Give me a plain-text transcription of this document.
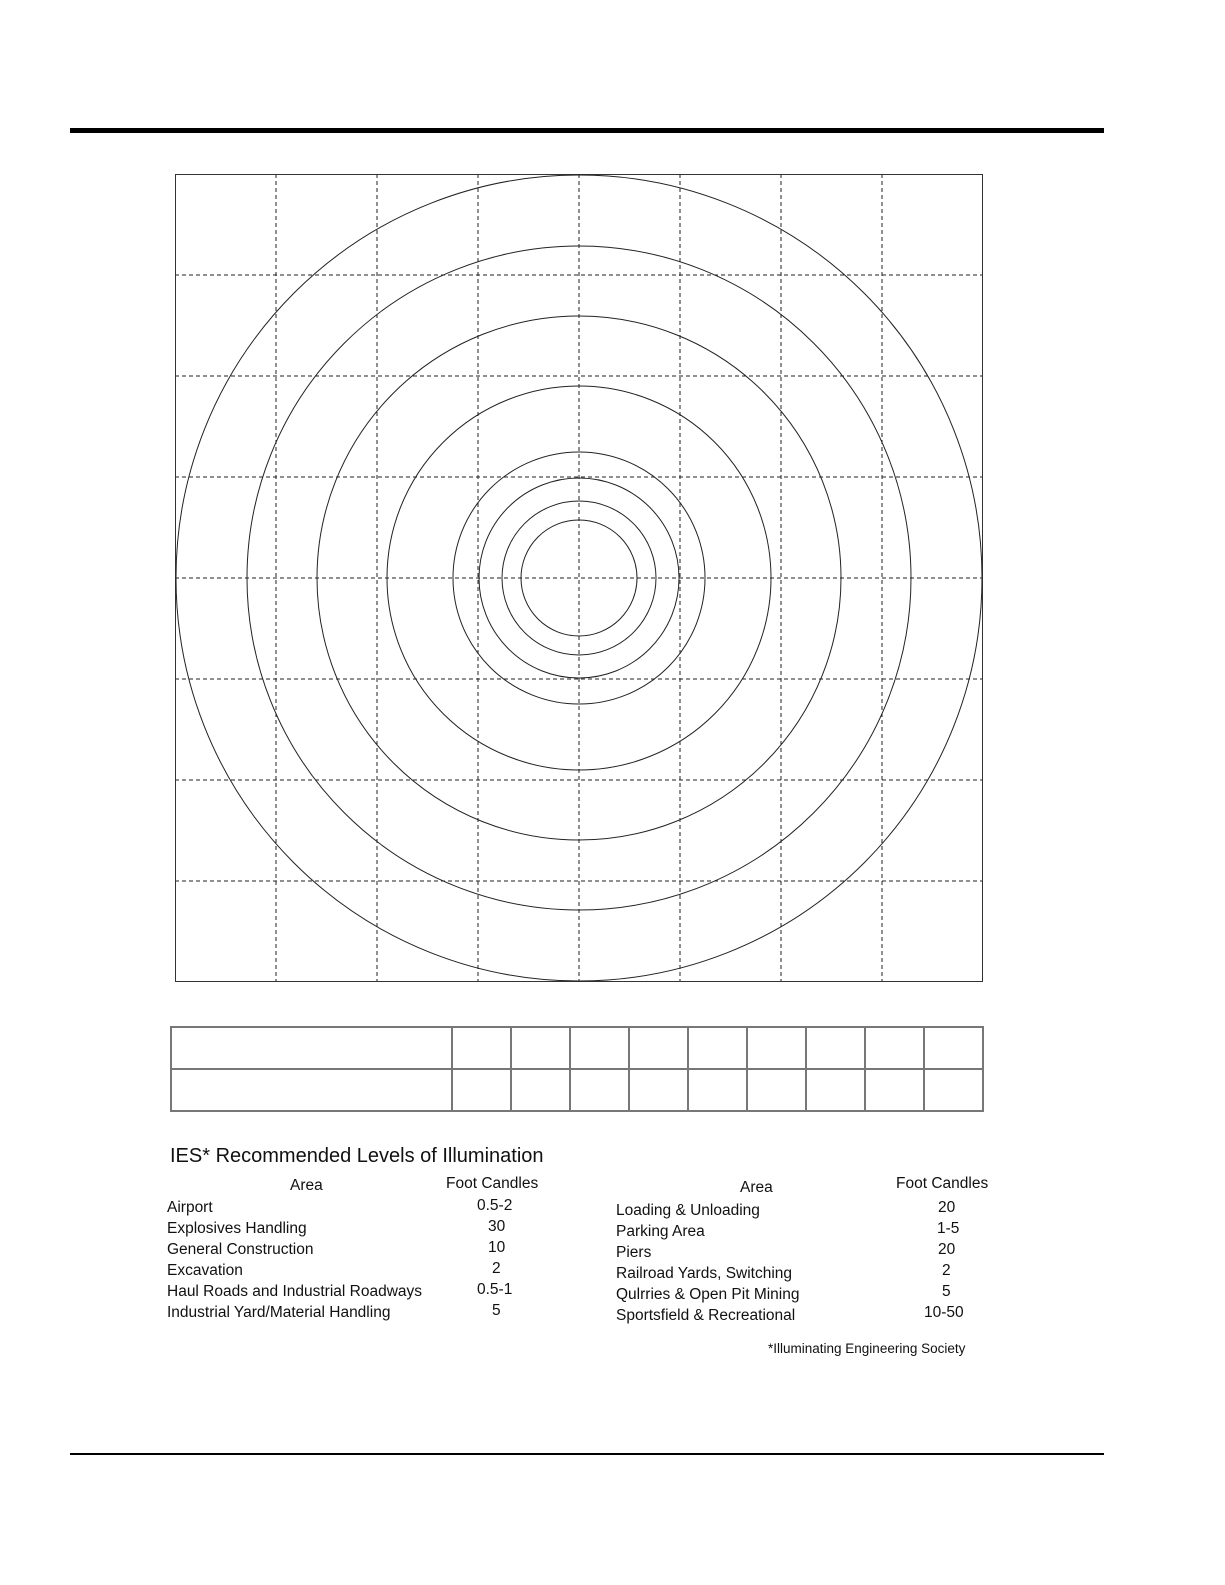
IES* Recommended Levels of Illumination
Area	Foot Candles
Airport	0.5-2
Explosives Handling	30
General Construction	10
Excavation	2
Haul Roads and Industrial Roadways	0.5-1
Industrial Yard/Material Handling	5
Area	Foot Candles
Loading & Unloading	20
Parking Area	1-5
Piers	20
Railroad Yards, Switching	2
Qulrries & Open Pit Mining	5
Sportsfield & Recreational	10-50
*Illuminating Engineering Society
